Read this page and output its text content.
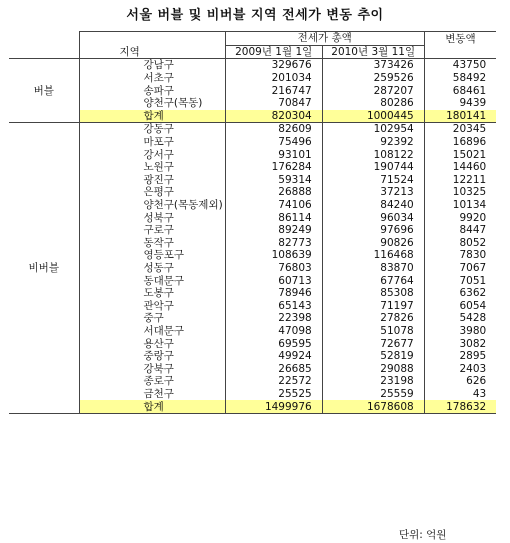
서울 버블 및 비버블 지역 전세가 변동 추이
		전세가 총액		변동액
	지역	2009년 1월 1일	2010년 3월 11일	
버블	강남구	329676	373426	43750
	서초구	201034	259526	58492
	송파구	216747	287207	68461
	양천구(목동)	70847	80286	9439
	합계	820304	1000445	180141
비버블	강동구	82609	102954	20345
	마포구	75496	92392	16896
	강서구	93101	108122	15021
	노원구	176284	190744	14460
	광진구	59314	71524	12211
	은평구	26888	37213	10325
	양천구(목동제외)	74106	84240	10134
	성북구	86114	96034	9920
	구로구	89249	97696	8447
	동작구	82773	90826	8052
	영등포구	108639	116468	7830
	성동구	76803	83870	7067
	동대문구	60713	67764	7051
	도봉구	78946	85308	6362
	관악구	65143	71197	6054
	중구	22398	27826	5428
	서대문구	47098	51078	3980
	용산구	69595	72677	3082
	중랑구	49924	52819	2895
	강북구	26685	29088	2403
	종로구	22572	23198	626
	금천구	25525	25559	43
	합계	1499976	1678608	178632
단위: 억원
